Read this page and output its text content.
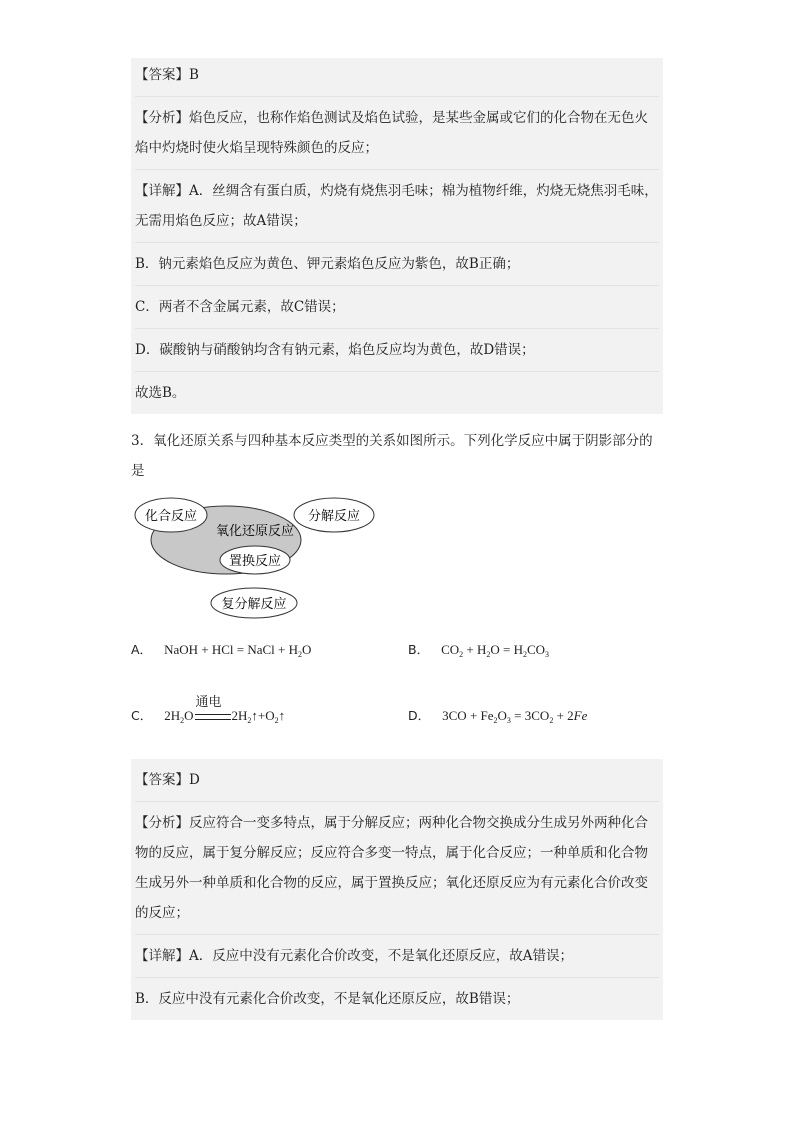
【答案】B
【分析】焰色反应，也称作焰色测试及焰色试验，是某些金属或它们的化合物在无色火焰中灼烧时使火焰呈现特殊颜色的反应；
【详解】A．丝绸含有蛋白质，灼烧有烧焦羽毛味；棉为植物纤维，灼烧无烧焦羽毛味，无需用焰色反应；故A错误；
B．钠元素焰色反应为黄色、钾元素焰色反应为紫色，故B正确；
C．两者不含金属元素，故C错误；
D．碳酸钠与硝酸钠均含有钠元素，焰色反应均为黄色，故D错误；
故选B。
3．氧化还原关系与四种基本反应类型的关系如图所示。下列化学反应中属于阴影部分的是
化合反应	分解反应
氧化还原反应
置换反应
复分解反应
A． NaOH + HCl = NaCl + $H_2O$	B． $CO_2 + H_2O = H_2CO_3$
C． $2H_2O$
通电
$2H_2↑+O_2↑$	D． $3CO + Fe_2O_3 = 3CO_2 + 2Fe$
【答案】D
【分析】反应符合一变多特点，属于分解反应；两种化合物交换成分生成另外两种化合物的反应，属于复分解反应；反应符合多变一特点，属于化合反应；一种单质和化合物生成另外一种单质和化合物的反应，属于置换反应；氧化还原反应为有元素化合价改变的反应；
【详解】A．反应中没有元素化合价改变，不是氧化还原反应，故A错误；
B．反应中没有元素化合价改变，不是氧化还原反应，故B错误；
